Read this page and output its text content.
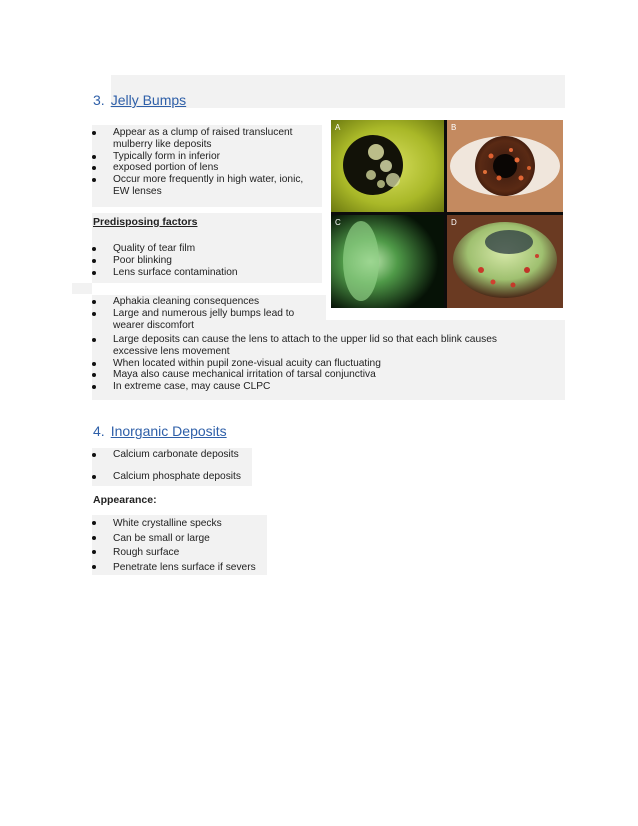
3. Jelly Bumps
Appear as a clump of raised translucent mulberry like deposits
Typically form in inferior
exposed portion of lens
Occur more frequently in high water, ionic, EW lenses
Predisposing factors
Quality of tear film
Poor blinking
Lens surface contamination
Aphakia cleaning consequences
Large and numerous jelly bumps lead to wearer discomfort
Large deposits can cause the lens to attach to the upper lid so that each blink causes excessive lens movement
When located within pupil zone-visual acuity can fluctuating
Maya also cause mechanical irritation of tarsal conjunctiva
In extreme case, may cause CLPC
A	B
C	D
4. Inorganic Deposits
Calcium carbonate deposits
Calcium phosphate deposits
Appearance:
White crystalline specks
Can be small or large
Rough surface
Penetrate lens surface if severs
